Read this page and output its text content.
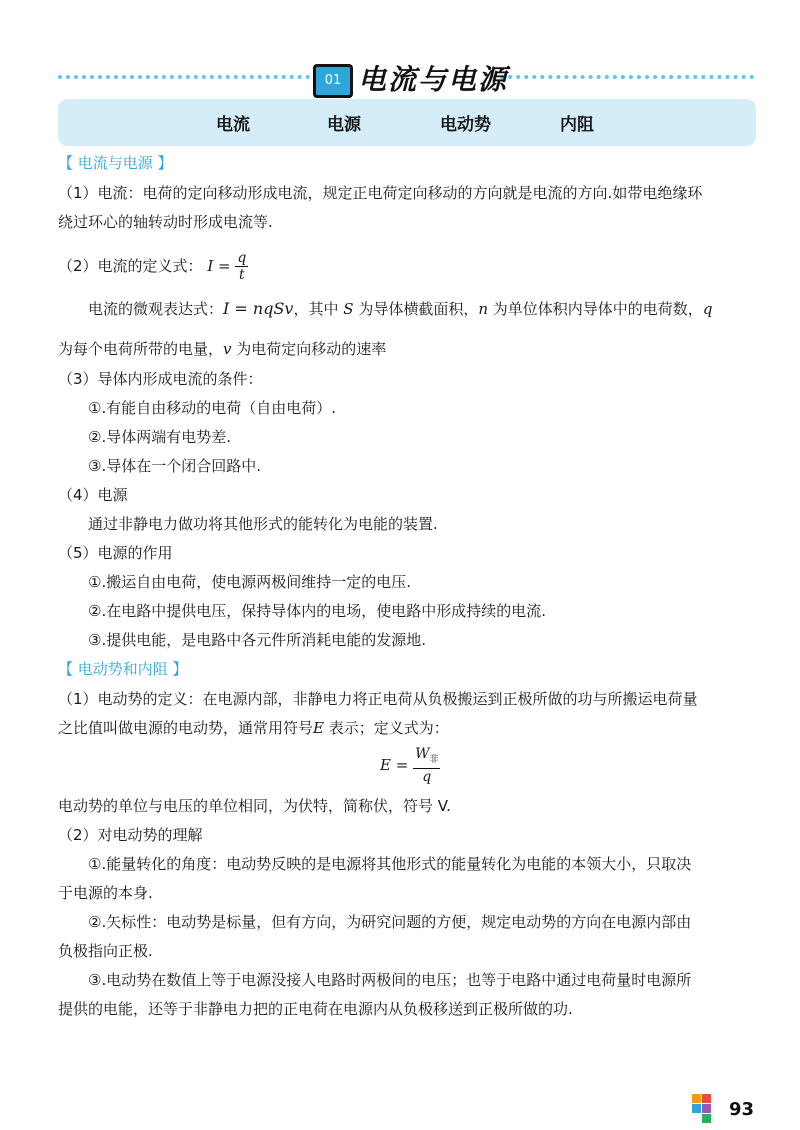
01 电流与电源
电流	电源	电动势	内阻
【 电流与电源 】
（1）电流：电荷的定向移动形成电流，规定正电荷定向移动的方向就是电流的方向.如带电绝缘环
绕过环心的轴转动时形成电流等.
（2）电流的定义式： $I = \frac{q}{t}$
电流的微观表达式：I = nqSv，其中 S 为导体横截面积，n 为单位体积内导体中的电荷数，q
为每个电荷所带的电量，v 为电荷定向移动的速率
（3）导体内形成电流的条件：
①.有能自由移动的电荷（自由电荷）.
②.导体两端有电势差.
③.导体在一个闭合回路中.
（4）电源
通过非静电力做功将其他形式的能转化为电能的装置.
（5）电源的作用
①.搬运自由电荷，使电源两极间维持一定的电压.
②.在电路中提供电压，保持导体内的电场，使电路中形成持续的电流.
③.提供电能，是电路中各元件所消耗电能的发源地.
【 电动势和内阻 】
（1）电动势的定义：在电源内部，非静电力将正电荷从负极搬运到正极所做的功与所搬运电荷量
之比值叫做电源的电动势，通常用符号E 表示；定义式为：
$E = \frac{W_非}{q}$
电动势的单位与电压的单位相同，为伏特，简称伏，符号 V.
（2）对电动势的理解
①.能量转化的角度：电动势反映的是电源将其他形式的能量转化为电能的本领大小，只取决
于电源的本身.
②.矢标性：电动势是标量，但有方向，为研究问题的方便，规定电动势的方向在电源内部由
负极指向正极.
③.电动势在数值上等于电源没接人电路时两极间的电压；也等于电路中通过电荷量时电源所
提供的电能，还等于非静电力把的正电荷在电源内从负极移送到正极所做的功.
93
